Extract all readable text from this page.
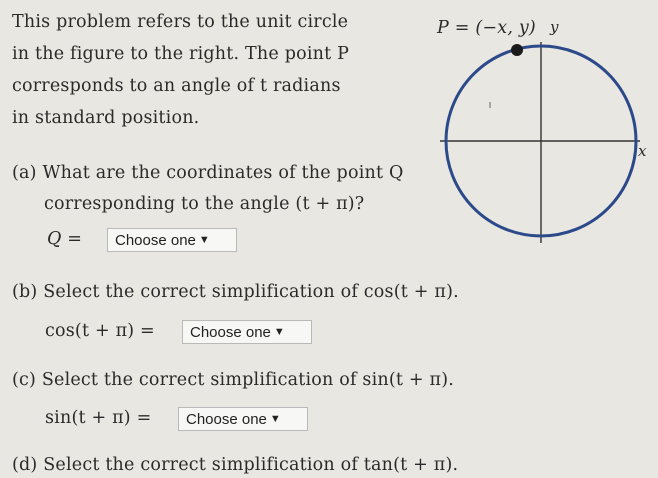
P = (−x, y) y
x
This problem refers to the unit circle
in the figure to the right. The point P
corresponds to an angle of t radians
in standard position.
(a) What are the coordinates of the point Q
corresponding to the angle (t + π)?
Q = Choose one ▼
(b) Select the correct simplification of cos(t + π).
cos(t + π) = Choose one ▼
(c) Select the correct simplification of sin(t + π).
sin(t + π) = Choose one ▼
(d) Select the correct simplification of tan(t + π).
